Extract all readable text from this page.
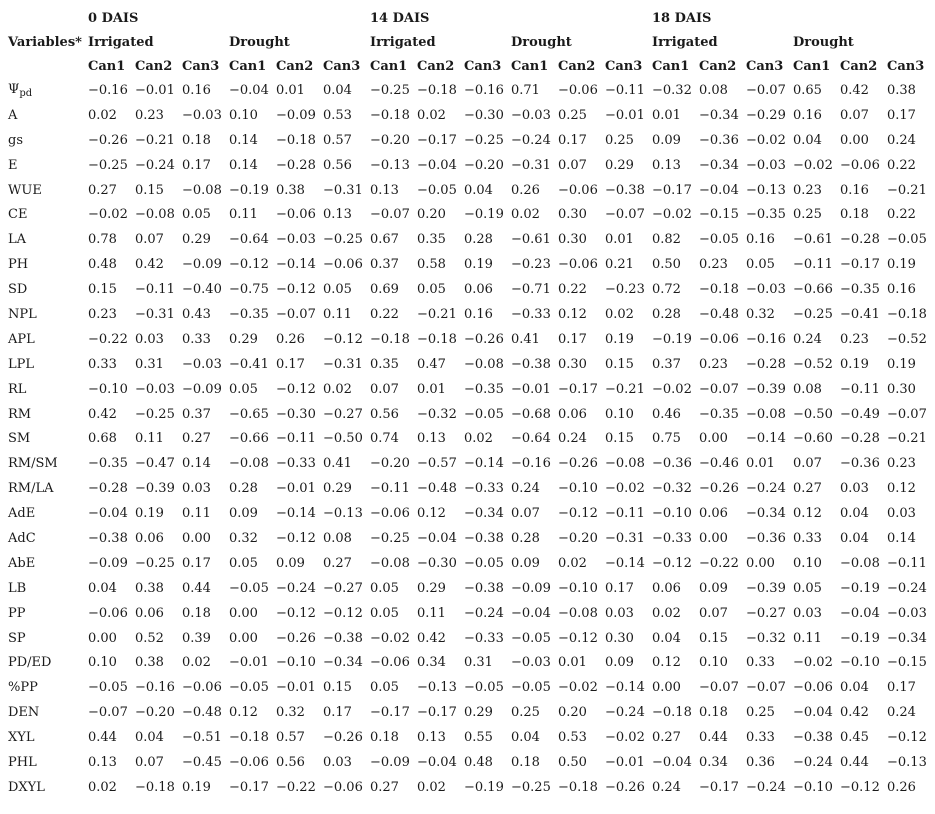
	0 DAIS						14 DAIS						18 DAIS					
Variables*	Irrigated			Drought			Irrigated			Drought			Irrigated			Drought		
	Can1	Can2	Can3	Can1	Can2	Can3	Can1	Can2	Can3	Can1	Can2	Can3	Can1	Can2	Can3	Can1	Can2	Can3
$\Psi_{pd}$	−0.16	−0.01	0.16	−0.04	0.01	0.04	−0.25	−0.18	−0.16	0.71	−0.06	−0.11	−0.32	0.08	−0.07	0.65	0.42	0.38
A	0.02	0.23	−0.03	0.10	−0.09	0.53	−0.18	0.02	−0.30	−0.03	0.25	−0.01	0.01	−0.34	−0.29	0.16	0.07	0.17
gs	−0.26	−0.21	0.18	0.14	−0.18	0.57	−0.20	−0.17	−0.25	−0.24	0.17	0.25	0.09	−0.36	−0.02	0.04	0.00	0.24
E	−0.25	−0.24	0.17	0.14	−0.28	0.56	−0.13	−0.04	−0.20	−0.31	0.07	0.29	0.13	−0.34	−0.03	−0.02	−0.06	0.22
WUE	0.27	0.15	−0.08	−0.19	0.38	−0.31	0.13	−0.05	0.04	0.26	−0.06	−0.38	−0.17	−0.04	−0.13	0.23	0.16	−0.21
CE	−0.02	−0.08	0.05	0.11	−0.06	0.13	−0.07	0.20	−0.19	0.02	0.30	−0.07	−0.02	−0.15	−0.35	0.25	0.18	0.22
LA	0.78	0.07	0.29	−0.64	−0.03	−0.25	0.67	0.35	0.28	−0.61	0.30	0.01	0.82	−0.05	0.16	−0.61	−0.28	−0.05
PH	0.48	0.42	−0.09	−0.12	−0.14	−0.06	0.37	0.58	0.19	−0.23	−0.06	0.21	0.50	0.23	0.05	−0.11	−0.17	0.19
SD	0.15	−0.11	−0.40	−0.75	−0.12	0.05	0.69	0.05	0.06	−0.71	0.22	−0.23	0.72	−0.18	−0.03	−0.66	−0.35	0.16
NPL	0.23	−0.31	0.43	−0.35	−0.07	0.11	0.22	−0.21	0.16	−0.33	0.12	0.02	0.28	−0.48	0.32	−0.25	−0.41	−0.18
APL	−0.22	0.03	0.33	0.29	0.26	−0.12	−0.18	−0.18	−0.26	0.41	0.17	0.19	−0.19	−0.06	−0.16	0.24	0.23	−0.52
LPL	0.33	0.31	−0.03	−0.41	0.17	−0.31	0.35	0.47	−0.08	−0.38	0.30	0.15	0.37	0.23	−0.28	−0.52	0.19	0.19
RL	−0.10	−0.03	−0.09	0.05	−0.12	0.02	0.07	0.01	−0.35	−0.01	−0.17	−0.21	−0.02	−0.07	−0.39	0.08	−0.11	0.30
RM	0.42	−0.25	0.37	−0.65	−0.30	−0.27	0.56	−0.32	−0.05	−0.68	0.06	0.10	0.46	−0.35	−0.08	−0.50	−0.49	−0.07
SM	0.68	0.11	0.27	−0.66	−0.11	−0.50	0.74	0.13	0.02	−0.64	0.24	0.15	0.75	0.00	−0.14	−0.60	−0.28	−0.21
RM/SM	−0.35	−0.47	0.14	−0.08	−0.33	0.41	−0.20	−0.57	−0.14	−0.16	−0.26	−0.08	−0.36	−0.46	0.01	0.07	−0.36	0.23
RM/LA	−0.28	−0.39	0.03	0.28	−0.01	0.29	−0.11	−0.48	−0.33	0.24	−0.10	−0.02	−0.32	−0.26	−0.24	0.27	0.03	0.12
AdE	−0.04	0.19	0.11	0.09	−0.14	−0.13	−0.06	0.12	−0.34	0.07	−0.12	−0.11	−0.10	0.06	−0.34	0.12	0.04	0.03
AdC	−0.38	0.06	0.00	0.32	−0.12	0.08	−0.25	−0.04	−0.38	0.28	−0.20	−0.31	−0.33	0.00	−0.36	0.33	0.04	0.14
AbE	−0.09	−0.25	0.17	0.05	0.09	0.27	−0.08	−0.30	−0.05	0.09	0.02	−0.14	−0.12	−0.22	0.00	0.10	−0.08	−0.11
LB	0.04	0.38	0.44	−0.05	−0.24	−0.27	0.05	0.29	−0.38	−0.09	−0.10	0.17	0.06	0.09	−0.39	0.05	−0.19	−0.24
PP	−0.06	0.06	0.18	0.00	−0.12	−0.12	0.05	0.11	−0.24	−0.04	−0.08	0.03	0.02	0.07	−0.27	0.03	−0.04	−0.03
SP	0.00	0.52	0.39	0.00	−0.26	−0.38	−0.02	0.42	−0.33	−0.05	−0.12	0.30	0.04	0.15	−0.32	0.11	−0.19	−0.34
PD/ED	0.10	0.38	0.02	−0.01	−0.10	−0.34	−0.06	0.34	0.31	−0.03	0.01	0.09	0.12	0.10	0.33	−0.02	−0.10	−0.15
%PP	−0.05	−0.16	−0.06	−0.05	−0.01	0.15	0.05	−0.13	−0.05	−0.05	−0.02	−0.14	0.00	−0.07	−0.07	−0.06	0.04	0.17
DEN	−0.07	−0.20	−0.48	0.12	0.32	0.17	−0.17	−0.17	0.29	0.25	0.20	−0.24	−0.18	0.18	0.25	−0.04	0.42	0.24
XYL	0.44	0.04	−0.51	−0.18	0.57	−0.26	0.18	0.13	0.55	0.04	0.53	−0.02	0.27	0.44	0.33	−0.38	0.45	−0.12
PHL	0.13	0.07	−0.45	−0.06	0.56	0.03	−0.09	−0.04	0.48	0.18	0.50	−0.01	−0.04	0.34	0.36	−0.24	0.44	−0.13
DXYL	0.02	−0.18	0.19	−0.17	−0.22	−0.06	0.27	0.02	−0.19	−0.25	−0.18	−0.26	0.24	−0.17	−0.24	−0.10	−0.12	0.26
